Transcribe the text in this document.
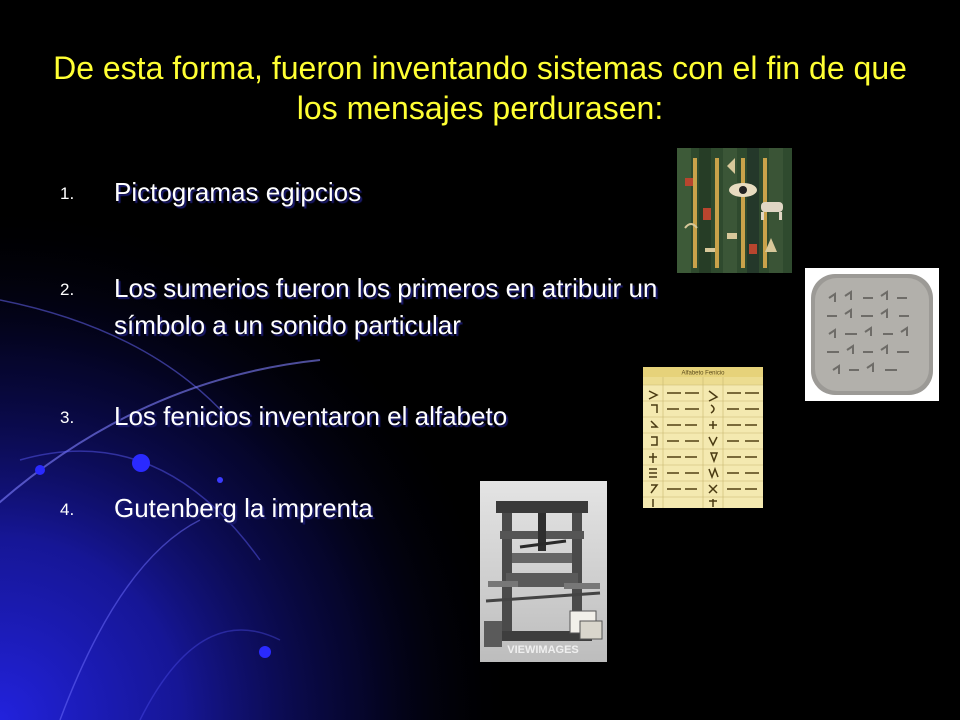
De esta forma, fueron inventando sistemas con el fin de que los mensajes perdurasen:
1.	Pictogramas egipcios
2.	Los sumerios fueron los primeros en atribuir un símbolo a un sonido particular
3.	Los fenicios inventaron el alfabeto
4.	Gutenberg la imprenta
Alfabeto Fenicio
VIEWIMAGES
